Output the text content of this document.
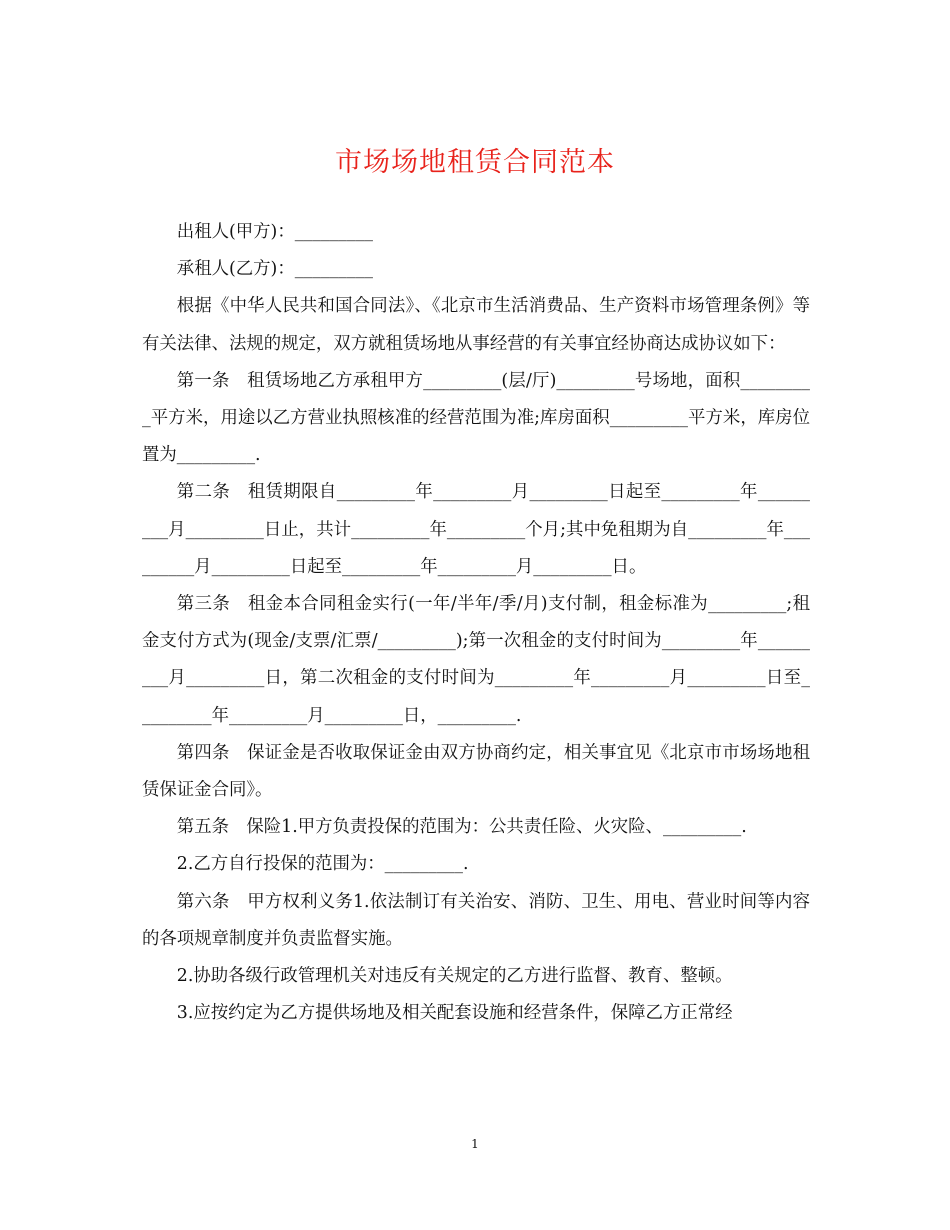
市场场地租赁合同范本

出租人(甲方)：_________

承租人(乙方)：_________

根据《中华人民共和国合同法》、《北京市生活消费品、生产资料市场管理条例》等有关法律、法规的规定，双方就租赁场地从事经营的有关事宜经协商达成协议如下：

第一条　租赁场地乙方承租甲方_________(层/厅)_________号场地，面积_________平方米，用途以乙方营业执照核准的经营范围为准;库房面积_________平方米，库房位置为_________.

第二条　租赁期限自_________年_________月_________日起至_________年_________月_________日止，共计_________年_________个月;其中免租期为自_________年_________月_________日起至_________年_________月_________日。

第三条　租金本合同租金实行(一年/半年/季/月)支付制，租金标准为_________;租金支付方式为(现金/支票/汇票/_________);第一次租金的支付时间为_________年_________月_________日，第二次租金的支付时间为_________年_________月_________日至_________年_________月_________日，_________.

第四条　保证金是否收取保证金由双方协商约定，相关事宜见《北京市市场场地租赁保证金合同》。

第五条　保险1.甲方负责投保的范围为：公共责任险、火灾险、_________.

2.乙方自行投保的范围为：_________.

第六条　甲方权利义务1.依法制订有关治安、消防、卫生、用电、营业时间等内容的各项规章制度并负责监督实施。

2.协助各级行政管理机关对违反有关规定的乙方进行监督、教育、整顿。

3.应按约定为乙方提供场地及相关配套设施和经营条件，保障乙方正常经

1
